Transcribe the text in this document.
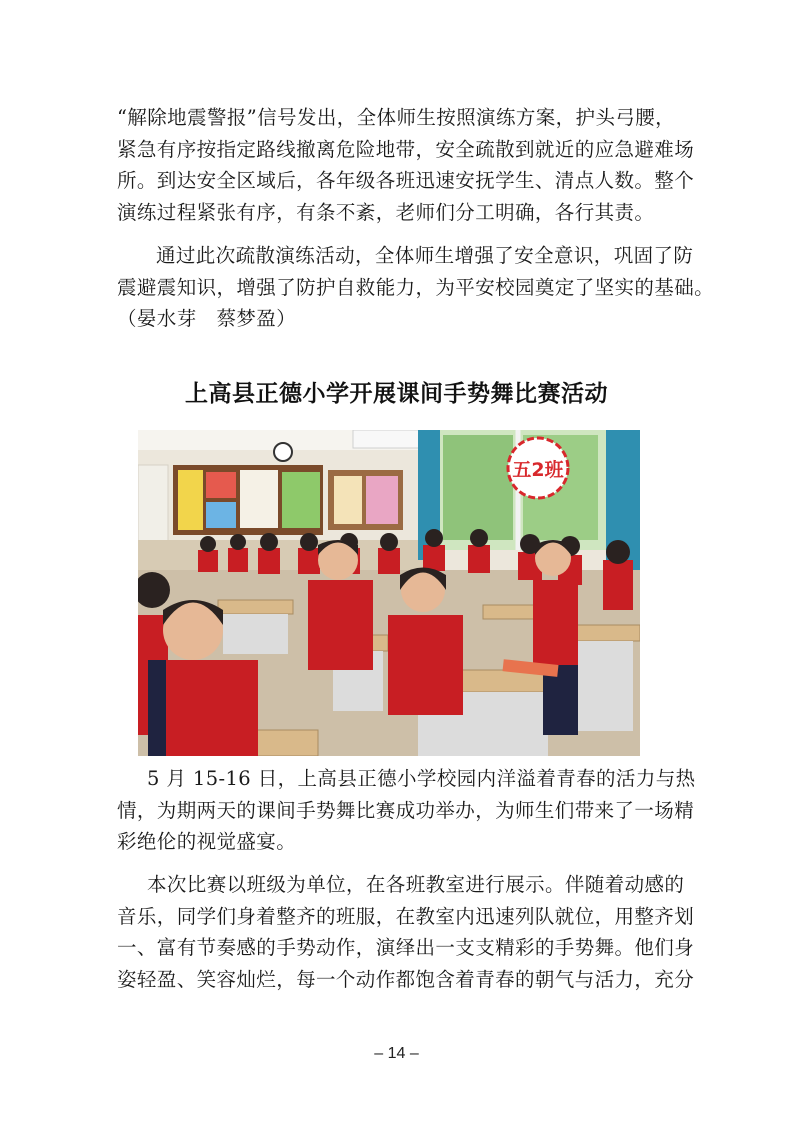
“解除地震警报”信号发出，全体师生按照演练方案，护头弓腰，
紧急有序按指定路线撤离危险地带，安全疏散到就近的应急避难场
所。到达安全区域后，各年级各班迅速安抚学生、清点人数。整个
演练过程紧张有序，有条不紊，老师们分工明确，各行其责。
通过此次疏散演练活动，全体师生增强了安全意识，巩固了防
震避震知识，增强了防护自救能力，为平安校园奠定了坚实的基础。
（晏水芽　蔡梦盈）
上高县正德小学开展课间手势舞比赛活动
五2班
5 月 15-16 日，上高县正德小学校园内洋溢着青春的活力与热
情，为期两天的课间手势舞比赛成功举办，为师生们带来了一场精
彩绝伦的视觉盛宴。
本次比赛以班级为单位，在各班教室进行展示。伴随着动感的
音乐，同学们身着整齐的班服，在教室内迅速列队就位，用整齐划
一、富有节奏感的手势动作，演绎出一支支精彩的手势舞。他们身
姿轻盈、笑容灿烂，每一个动作都饱含着青春的朝气与活力，充分
– 14 –
